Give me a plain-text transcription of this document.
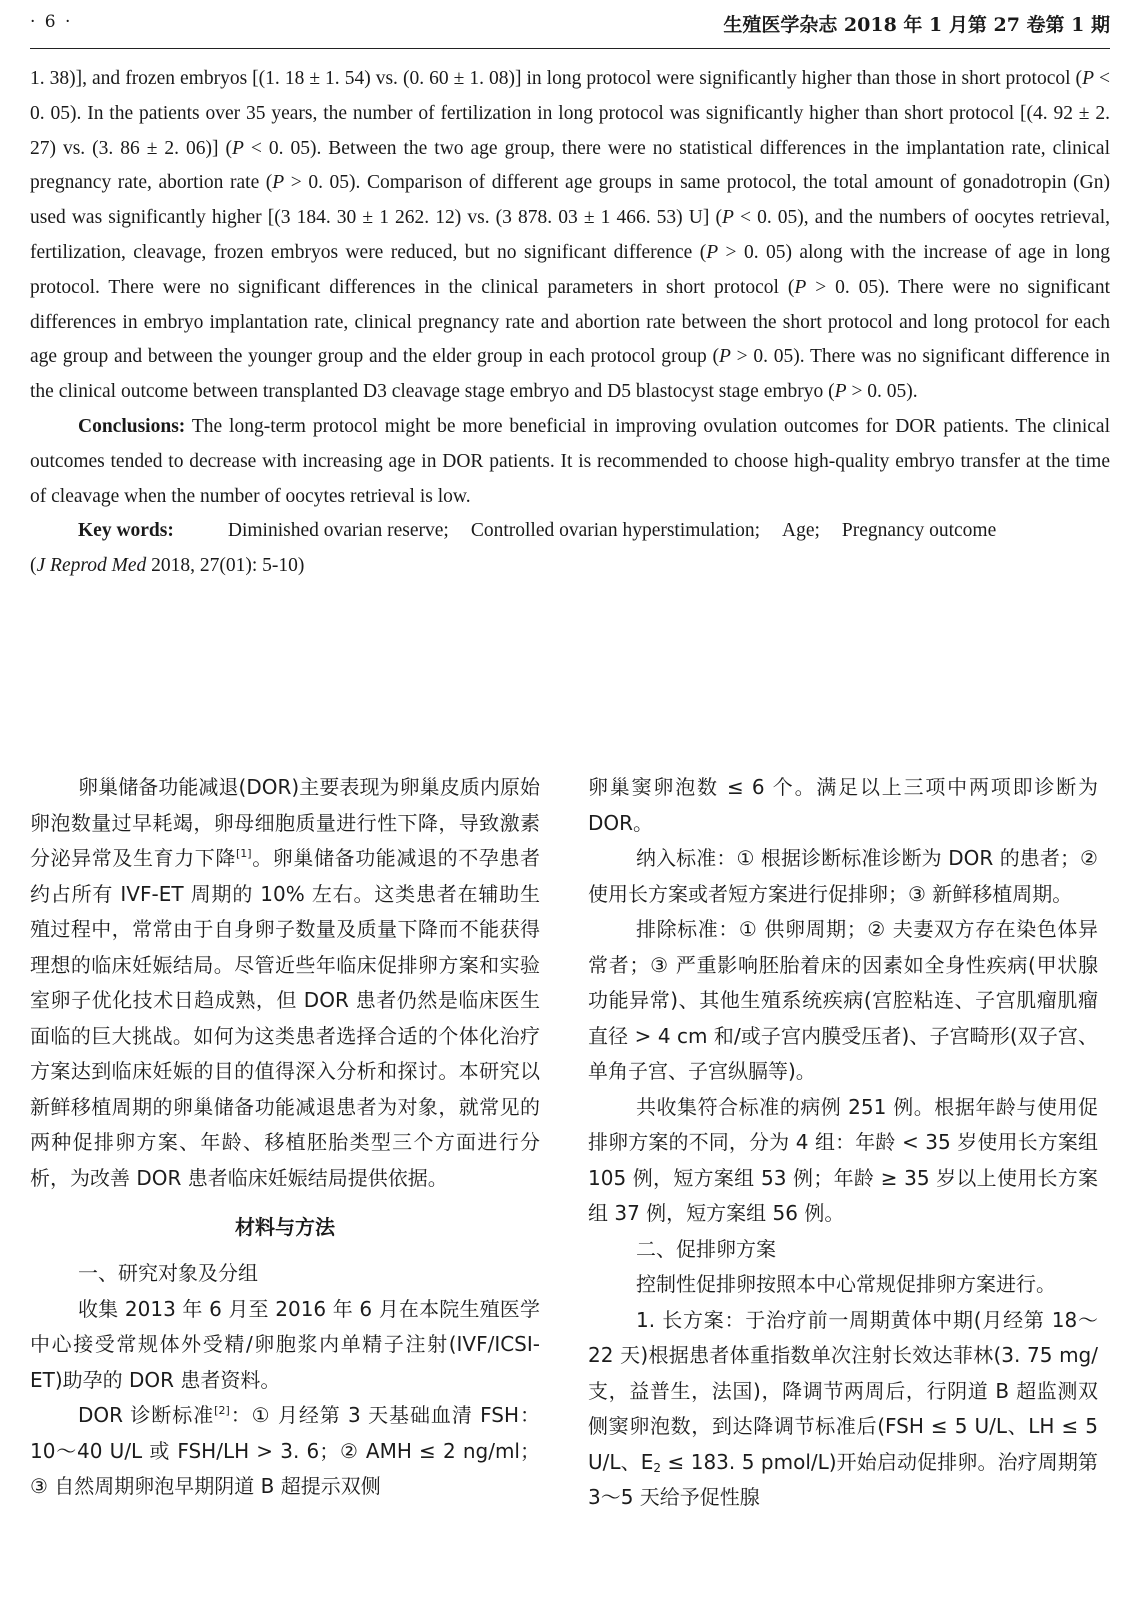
· 6 ·	生殖医学杂志 2018 年 1 月第 27 卷第 1 期

1. 38)], and frozen embryos [(1. 18 ± 1. 54) vs. (0. 60 ± 1. 08)] in long protocol were significantly higher than those in short protocol (P < 0. 05). In the patients over 35 years, the number of fertilization in long protocol was significantly higher than short protocol [(4. 92 ± 2. 27) vs. (3. 86 ± 2. 06)] (P < 0. 05). Between the two age group, there were no statistical differences in the implantation rate, clinical pregnancy rate, abortion rate (P > 0. 05). Comparison of different age groups in same protocol, the total amount of gonadotropin (Gn) used was significantly higher [(3 184. 30 ± 1 262. 12) vs. (3 878. 03 ± 1 466. 53) U] (P < 0. 05), and the numbers of oocytes retrieval, fertilization, cleavage, frozen embryos were reduced, but no significant difference (P > 0. 05) along with the increase of age in long protocol. There were no significant differences in the clinical parameters in short protocol (P > 0. 05). There were no significant differences in embryo implantation rate, clinical pregnancy rate and abortion rate between the short protocol and long protocol for each age group and between the younger group and the elder group in each protocol group (P > 0. 05). There was no significant difference in the clinical outcome between transplanted D3 cleavage stage embryo and D5 blastocyst stage embryo (P > 0. 05).

Conclusions: The long-term protocol might be more beneficial in improving ovulation outcomes for DOR patients. The clinical outcomes tended to decrease with increasing age in DOR patients. It is recommended to choose high-quality embryo transfer at the time of cleavage when the number of oocytes retrieval is low.

Key words:	Diminished ovarian reserve; Controlled ovarian hyperstimulation; Age; Pregnancy outcome

(J Reprod Med 2018, 27(01): 5-10)

卵巢储备功能减退(DOR)主要表现为卵巢皮质内原始卵泡数量过早耗竭，卵母细胞质量进行性下降，导致激素分泌异常及生育力下降[1]。卵巢储备功能减退的不孕患者约占所有 IVF-ET 周期的 10% 左右。这类患者在辅助生殖过程中，常常由于自身卵子数量及质量下降而不能获得理想的临床妊娠结局。尽管近些年临床促排卵方案和实验室卵子优化技术日趋成熟，但 DOR 患者仍然是临床医生面临的巨大挑战。如何为这类患者选择合适的个体化治疗方案达到临床妊娠的目的值得深入分析和探讨。本研究以新鲜移植周期的卵巢储备功能减退患者为对象，就常见的两种促排卵方案、年龄、移植胚胎类型三个方面进行分析，为改善 DOR 患者临床妊娠结局提供依据。

材料与方法

一、研究对象及分组

收集 2013 年 6 月至 2016 年 6 月在本院生殖医学中心接受常规体外受精/卵胞浆内单精子注射(IVF/ICSI-ET)助孕的 DOR 患者资料。

DOR 诊断标准[2]：① 月经第 3 天基础血清 FSH：10～40 U/L 或 FSH/LH > 3. 6；② AMH ≤ 2 ng/ml；③ 自然周期卵泡早期阴道 B 超提示双侧

卵巢窦卵泡数 ≤ 6 个。满足以上三项中两项即诊断为 DOR。

纳入标准：① 根据诊断标准诊断为 DOR 的患者；② 使用长方案或者短方案进行促排卵；③ 新鲜移植周期。

排除标准：① 供卵周期；② 夫妻双方存在染色体异常者；③ 严重影响胚胎着床的因素如全身性疾病(甲状腺功能异常)、其他生殖系统疾病(宫腔粘连、子宫肌瘤肌瘤直径 > 4 cm 和/或子宫内膜受压者)、子宫畸形(双子宫、单角子宫、子宫纵膈等)。

共收集符合标准的病例 251 例。根据年龄与使用促排卵方案的不同，分为 4 组：年龄 < 35 岁使用长方案组 105 例，短方案组 53 例；年龄 ≥ 35 岁以上使用长方案组 37 例，短方案组 56 例。

二、促排卵方案

控制性促排卵按照本中心常规促排卵方案进行。

1. 长方案：于治疗前一周期黄体中期(月经第 18～22 天)根据患者体重指数单次注射长效达菲林(3. 75 mg/支，益普生，法国)，降调节两周后，行阴道 B 超监测双侧窦卵泡数，到达降调节标准后(FSH ≤ 5 U/L、LH ≤ 5 U/L、$E_2 \le 183$. 5 pmol/L)开始启动促排卵。治疗周期第 3～5 天给予促性腺
